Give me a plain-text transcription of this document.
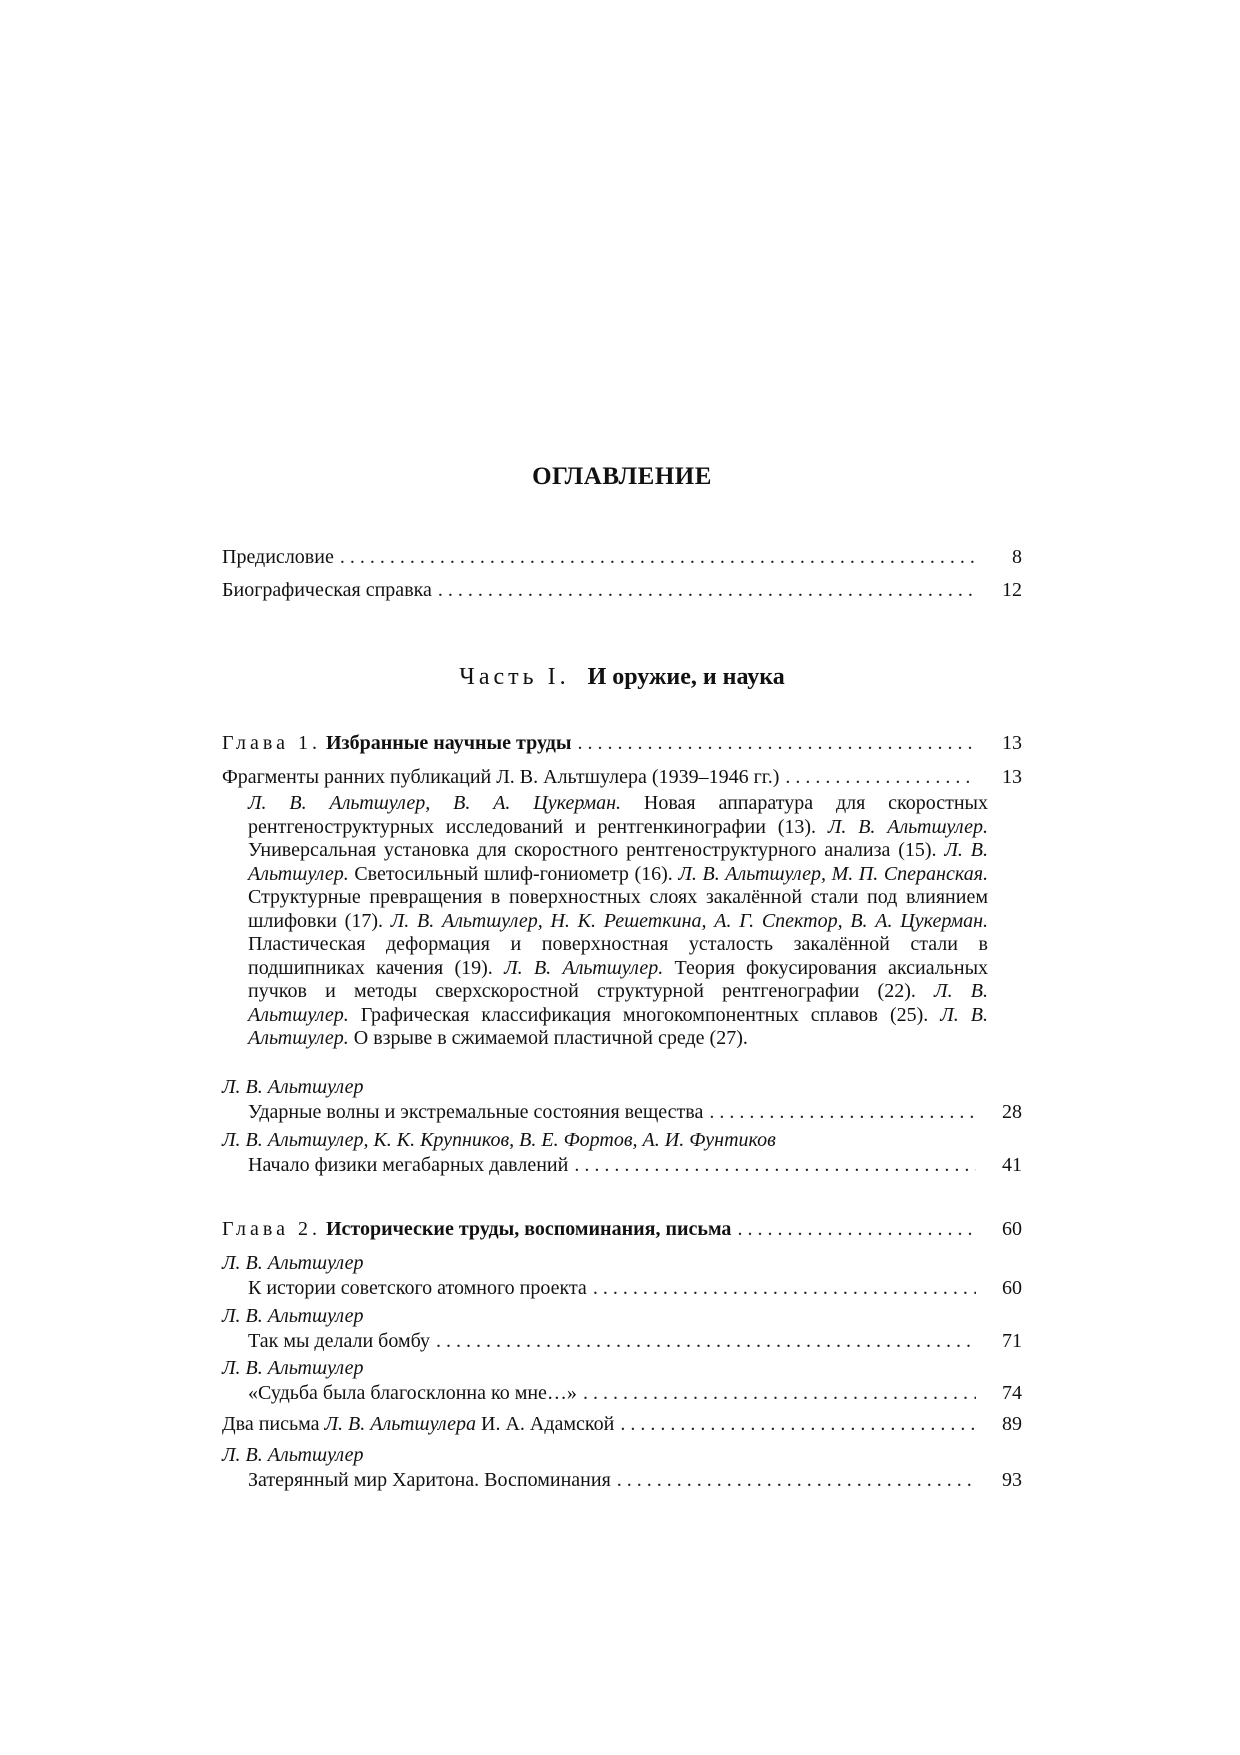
ОГЛАВЛЕНИЕ
Предисловие . . .	8
Биографическая справка . . .	12
Часть I. И оружие, и наука
Глава 1. Избранные научные труды . . .	13
Фрагменты ранних публикаций Л. В. Альтшулера (1939–1946 гг.) . . .	13
Л. В. Альтшулер, В. А. Цукерман. Новая аппаратура для скоростных рентгеноструктурных исследований и рентгенкинографии (13). Л. В. Альтшулер. Универсальная установка для скоростного рентгеноструктурного анализа (15). Л. В. Альтшулер. Светосильный шлиф-гониометр (16). Л. В. Альтшулер, М. П. Сперанская. Структурные превращения в поверхностных слоях закалённой стали под влиянием шлифовки (17). Л. В. Альтшулер, Н. К. Решеткина, А. Г. Спектор, В. А. Цукерман. Пластическая деформация и поверхностная усталость закалённой стали в подшипниках качения (19). Л. В. Альтшулер. Теория фокусирования аксиальных пучков и методы сверхскоростной структурной рентгенографии (22). Л. В. Альтшулер. Графическая классификация многокомпонентных сплавов (25). Л. В. Альтшулер. О взрыве в сжимаемой пластичной среде (27).
Л. В. Альтшулер
Ударные волны и экстремальные состояния вещества . . .	28
Л. В. Альтшулер, К. К. Крупников, В. Е. Фортов, А. И. Фунтиков
Начало физики мегабарных давлений . . .	41
Глава 2. Исторические труды, воспоминания, письма . . .	60
Л. В. Альтшулер
К истории советского атомного проекта . . .	60
Л. В. Альтшулер
Так мы делали бомбу . . .	71
Л. В. Альтшулер
«Судьба была благосклонна ко мне…» . . .	74
Два письма Л. В. Альтшулера И. А. Адамской . . .	89
Л. В. Альтшулер
Затерянный мир Харитона. Воспоминания . . .	93
